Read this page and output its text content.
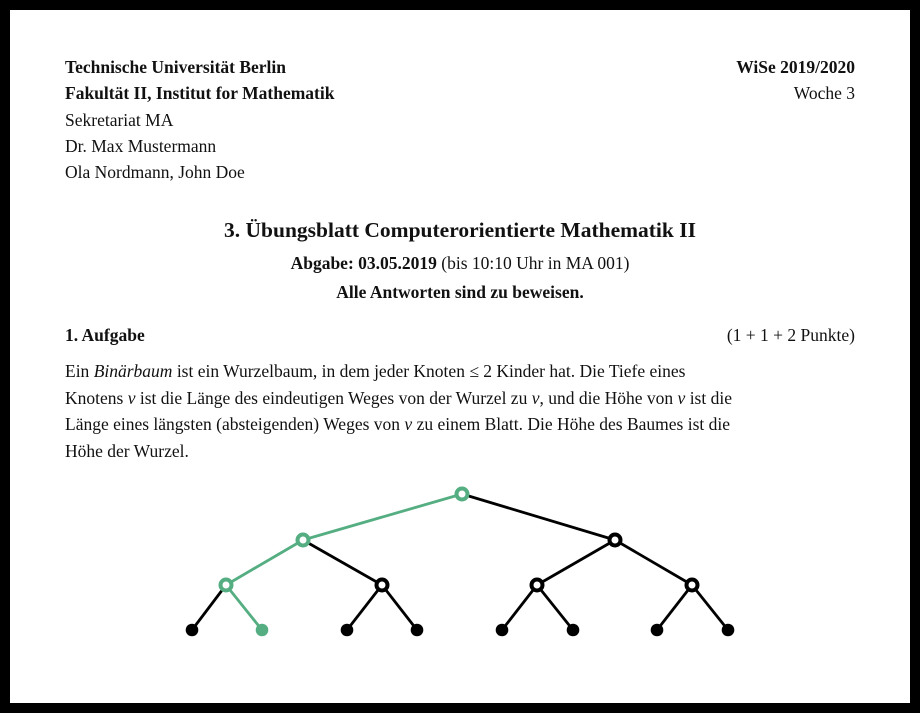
Technische Universität Berlin
Fakultät II, Institut for Mathematik
Sekretariat MA
Dr. Max Mustermann
Ola Nordmann, John Doe
WiSe 2019/2020
Woche 3
3. Übungsblatt Computerorientierte Mathematik II
Abgabe: 03.05.2019 (bis 10:10 Uhr in MA 001)
Alle Antworten sind zu beweisen.
1. Aufgabe	(1 + 1 + 2 Punkte)
Ein Binärbaum ist ein Wurzelbaum, in dem jeder Knoten ≤ 2 Kinder hat. Die Tiefe eines
Knotens v ist die Länge des eindeutigen Weges von der Wurzel zu v, und die Höhe von v ist die
Länge eines längsten (absteigenden) Weges von v zu einem Blatt. Die Höhe des Baumes ist die
Höhe der Wurzel.
